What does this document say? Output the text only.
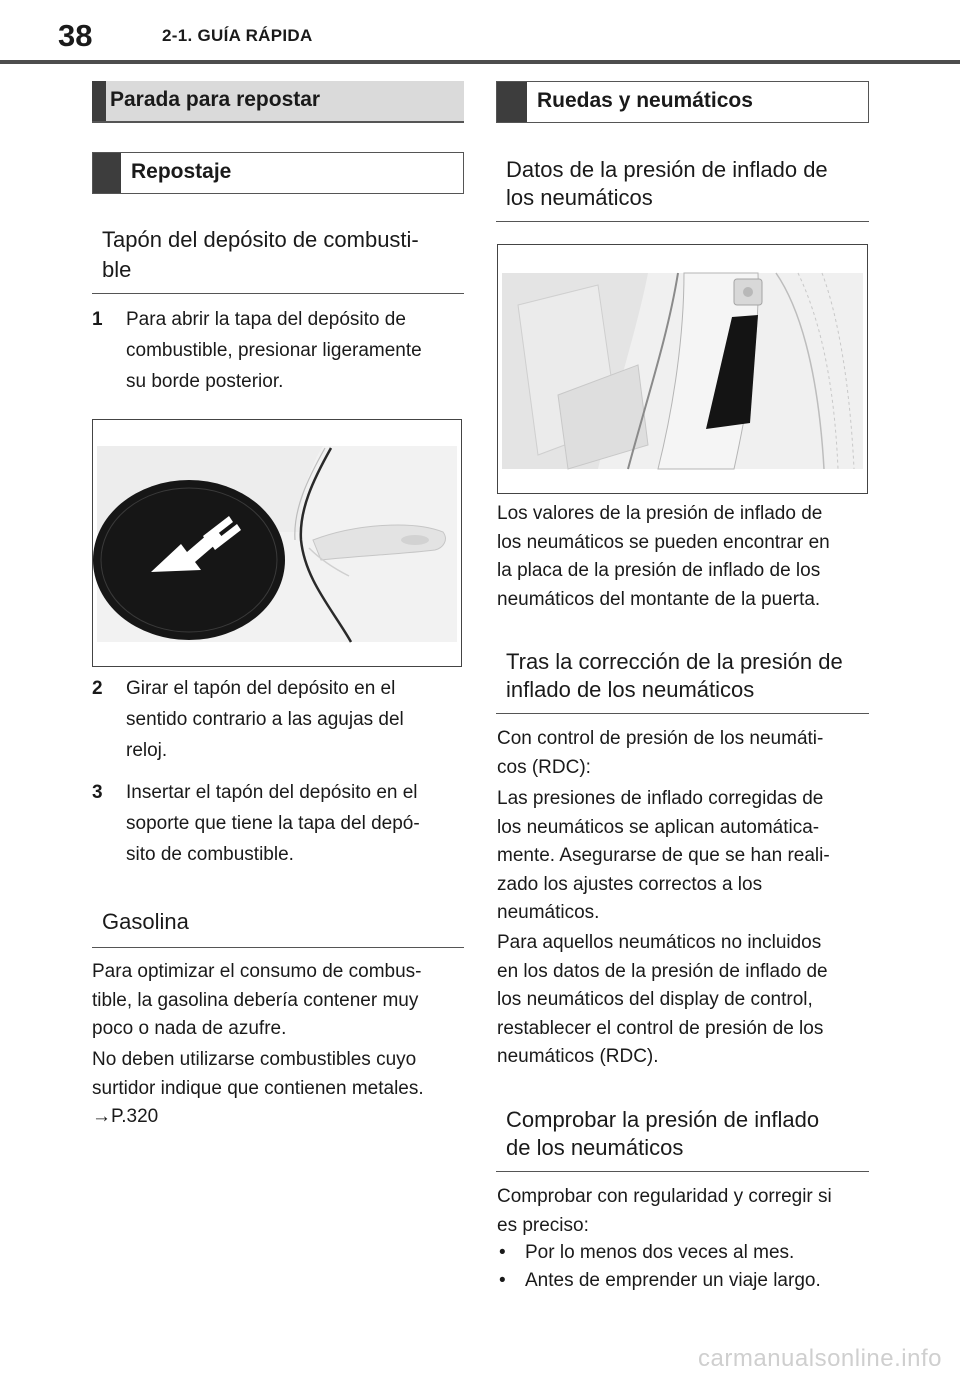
38	2-1. GUÍA RÁPIDA
Parada para repostar
Repostaje
Tapón del depósito de combusti-
ble
1 Para abrir la tapa del depósito de
combustible, presionar ligeramente
su borde posterior.
2 Girar el tapón del depósito en el
sentido contrario a las agujas del
reloj.
3 Insertar el tapón del depósito en el
soporte que tiene la tapa del depó-
sito de combustible.
Gasolina
Para optimizar el consumo de combus-
tible, la gasolina debería contener muy
poco o nada de azufre.
No deben utilizarse combustibles cuyo
surtidor indique que contienen metales.
→P.320
Ruedas y neumáticos
Datos de la presión de inflado de
los neumáticos
Los valores de la presión de inflado de
los neumáticos se pueden encontrar en
la placa de la presión de inflado de los
neumáticos del montante de la puerta.
Tras la corrección de la presión de
inflado de los neumáticos
Con control de presión de los neumáti-
cos (RDC):
Las presiones de inflado corregidas de
los neumáticos se aplican automática-
mente. Asegurarse de que se han reali-
zado los ajustes correctos a los
neumáticos.
Para aquellos neumáticos no incluidos
en los datos de la presión de inflado de
los neumáticos del display de control,
restablecer el control de presión de los
neumáticos (RDC).
Comprobar la presión de inflado
de los neumáticos
Comprobar con regularidad y corregir si
es preciso:
• Por lo menos dos veces al mes.
• Antes de emprender un viaje largo.
carmanualsonline.info
